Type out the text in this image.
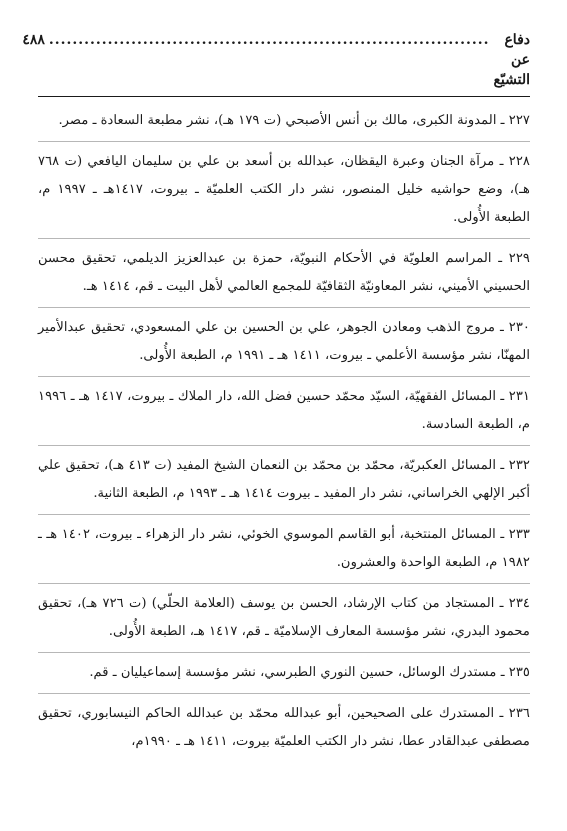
دفاع عن التشيّع
...........................................................................
٤٨٨

٢٢٧ ـ المدونة الكبرى، مالك بن أنس الأصبحي (ت ١٧٩ هـ)، نشر مطبعة السعادة ـ مصر.

٢٢٨ ـ مرآة الجنان وعبرة اليقظان، عبدالله بن أسعد بن علي بن سليمان اليافعي (ت ٧٦٨ هـ)، وضع حواشيه خليل المنصور، نشر دار الكتب العلميّة ـ بيروت، ١٤١٧هـ ـ ١٩٩٧ م، الطبعة الأُولى.

٢٢٩ ـ المراسم العلويّة في الأحكام النبويّة، حمزة بن عبدالعزيز الديلمي، تحقيق محسن الحسيني الأميني، نشر المعاونيّة الثقافيّة للمجمع العالمي لأهل البيت ـ قم، ١٤١٤ هـ.

٢٣٠ ـ مروج الذهب ومعادن الجوهر، علي بن الحسين بن علي المسعودي، تحقيق عبدالأمير المهنّا، نشر مؤسسة الأعلمي ـ بيروت، ١٤١١ هـ ـ ١٩٩١ م، الطبعة الأُولى.

٢٣١ ـ المسائل الفقهيّة، السيّد محمّد حسين فضل الله، دار الملاك ـ بيروت، ١٤١٧ هـ ـ ١٩٩٦ م، الطبعة السادسة.

٢٣٢ ـ المسائل العكبريّة، محمّد بن محمّد بن النعمان الشيخ المفيد (ت ٤١٣ هـ)، تحقيق علي أكبر الإلهي الخراساني، نشر دار المفيد ـ بيروت ١٤١٤ هـ ـ ١٩٩٣ م، الطبعة الثانية.

٢٣٣ ـ المسائل المنتخبة، أبو القاسم الموسوي الخوئي، نشر دار الزهراء ـ بيروت، ١٤٠٢ هـ ـ ١٩٨٢ م، الطبعة الواحدة والعشرون.

٢٣٤ ـ المستجاد من كتاب الإرشاد، الحسن بن يوسف (العلامة الحلّي) (ت ٧٢٦ هـ)، تحقيق محمود البدري، نشر مؤسسة المعارف الإسلاميّة ـ قم، ١٤١٧ هـ، الطبعة الأُولى.

٢٣٥ ـ مستدرك الوسائل، حسين النوري الطبرسي، نشر مؤسسة إسماعيليان ـ قم.

٢٣٦ ـ المستدرك على الصحيحين، أبو عبدالله محمّد بن عبدالله الحاكم النيسابوري، تحقيق مصطفى عبدالقادر عطا، نشر دار الكتب العلميّة بيروت، ١٤١١ هـ ـ ١٩٩٠م،
